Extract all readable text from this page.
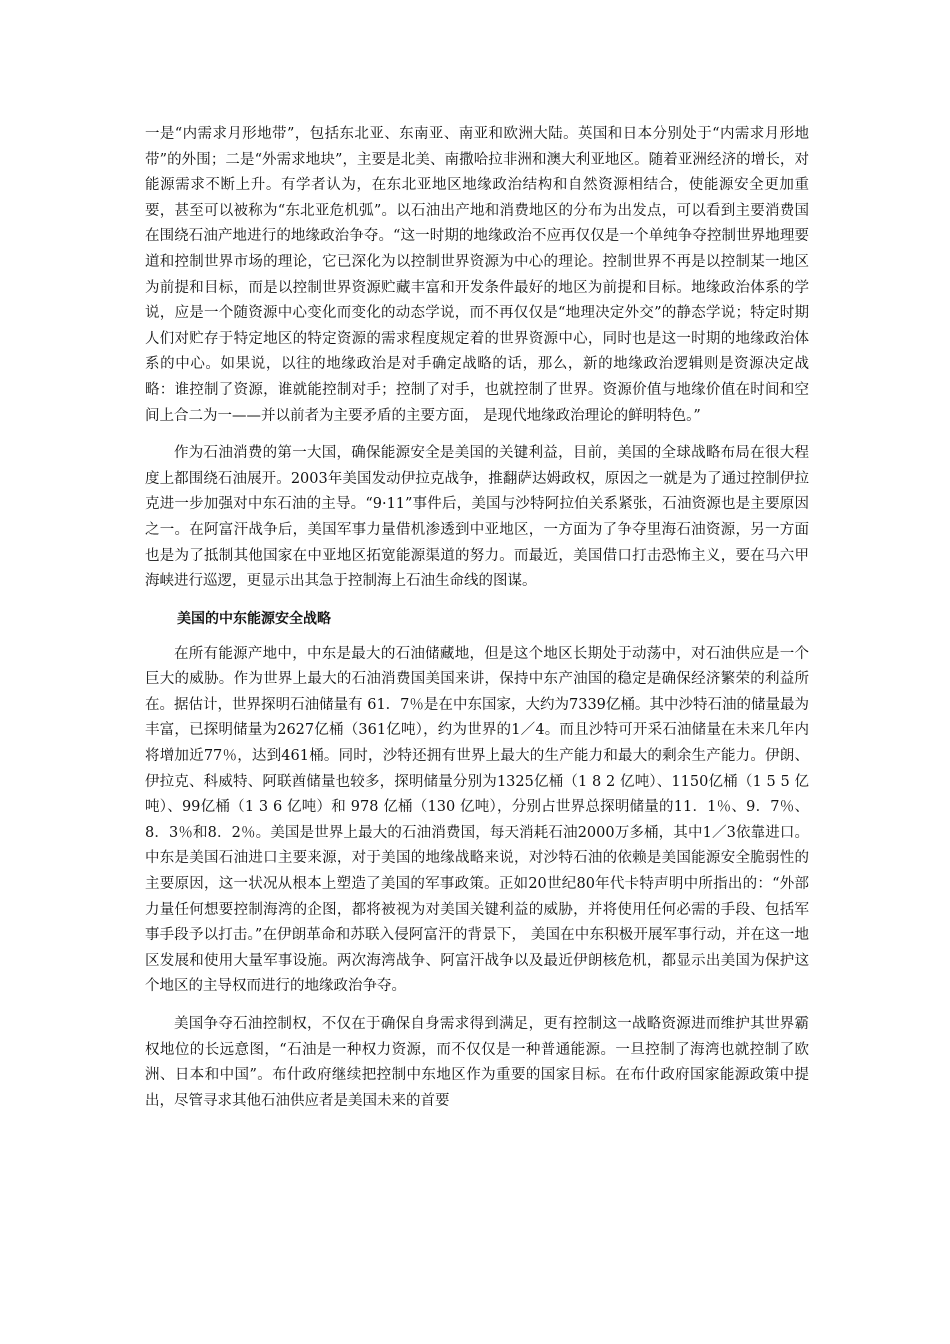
一是“内需求月形地带”，包括东北亚、东南亚、南亚和欧洲大陆。英国和日本分别处于“内需求月形地带”的外围；二是“外需求地块”，主要是北美、南撒哈拉非洲和澳大利亚地区。随着亚洲经济的增长，对能源需求不断上升。有学者认为，在东北亚地区地缘政治结构和自然资源相结合，使能源安全更加重要，甚至可以被称为“东北亚危机弧”。以石油出产地和消费地区的分布为出发点，可以看到主要消费国在围绕石油产地进行的地缘政治争夺。“这一时期的地缘政治不应再仅仅是一个单纯争夺控制世界地理要道和控制世界市场的理论，它已深化为以控制世界资源为中心的理论。控制世界不再是以控制某一地区为前提和目标，而是以控制世界资源贮藏丰富和开发条件最好的地区为前提和目标。地缘政治体系的学说，应是一个随资源中心变化而变化的动态学说，而不再仅仅是“地理决定外交”的静态学说；特定时期人们对贮存于特定地区的特定资源的需求程度规定着的世界资源中心，同时也是这一时期的地缘政治体系的中心。如果说，以往的地缘政治是对手确定战略的话，那么，新的地缘政治逻辑则是资源决定战略：谁控制了资源，谁就能控制对手；控制了对手，也就控制了世界。资源价值与地缘价值在时间和空间上合二为一——并以前者为主要矛盾的主要方面， 是现代地缘政治理论的鲜明特色。”

作为石油消费的第一大国，确保能源安全是美国的关键利益，目前，美国的全球战略布局在很大程度上都围绕石油展开。2003年美国发动伊拉克战争，推翻萨达姆政权，原因之一就是为了通过控制伊拉克进一步加强对中东石油的主导。“9·11”事件后，美国与沙特阿拉伯关系紧张，石油资源也是主要原因之一。在阿富汗战争后，美国军事力量借机渗透到中亚地区，一方面为了争夺里海石油资源，另一方面也是为了抵制其他国家在中亚地区拓宽能源渠道的努力。而最近，美国借口打击恐怖主义，要在马六甲海峡进行巡逻，更显示出其急于控制海上石油生命线的图谋。

美国的中东能源安全战略

在所有能源产地中，中东是最大的石油储藏地，但是这个地区长期处于动荡中，对石油供应是一个巨大的威胁。作为世界上最大的石油消费国美国来讲，保持中东产油国的稳定是确保经济繁荣的利益所在。据估计，世界探明石油储量有 61．7％是在中东国家，大约为7339亿桶。其中沙特石油的储量最为丰富，已探明储量为2627亿桶（361亿吨），约为世界的1／4。而且沙特可开采石油储量在未来几年内将增加近77％，达到461桶。同时，沙特还拥有世界上最大的生产能力和最大的剩余生产能力。伊朗、伊拉克、科威特、阿联酋储量也较多，探明储量分别为1325亿桶（1 8 2 亿吨）、1150亿桶（1 5 5 亿吨）、99亿桶（1 3 6 亿吨）和 978 亿桶（130 亿吨），分别占世界总探明储量的11．1％、9．7％、8．3％和8．2％。美国是世界上最大的石油消费国，每天消耗石油2000万多桶，其中1／3依靠进口。中东是美国石油进口主要来源，对于美国的地缘战略来说，对沙特石油的依赖是美国能源安全脆弱性的主要原因，这一状况从根本上塑造了美国的军事政策。正如20世纪80年代卡特声明中所指出的：“外部力量任何想要控制海湾的企图，都将被视为对美国关键利益的威胁，并将使用任何必需的手段、包括军事手段予以打击。”在伊朗革命和苏联入侵阿富汗的背景下， 美国在中东积极开展军事行动，并在这一地区发展和使用大量军事设施。两次海湾战争、阿富汗战争以及最近伊朗核危机，都显示出美国为保护这个地区的主导权而进行的地缘政治争夺。

美国争夺石油控制权，不仅在于确保自身需求得到满足，更有控制这一战略资源进而维护其世界霸权地位的长远意图，“石油是一种权力资源，而不仅仅是一种普通能源。一旦控制了海湾也就控制了欧洲、日本和中国”。布什政府继续把控制中东地区作为重要的国家目标。在布什政府国家能源政策中提出，尽管寻求其他石油供应者是美国未来的首要
